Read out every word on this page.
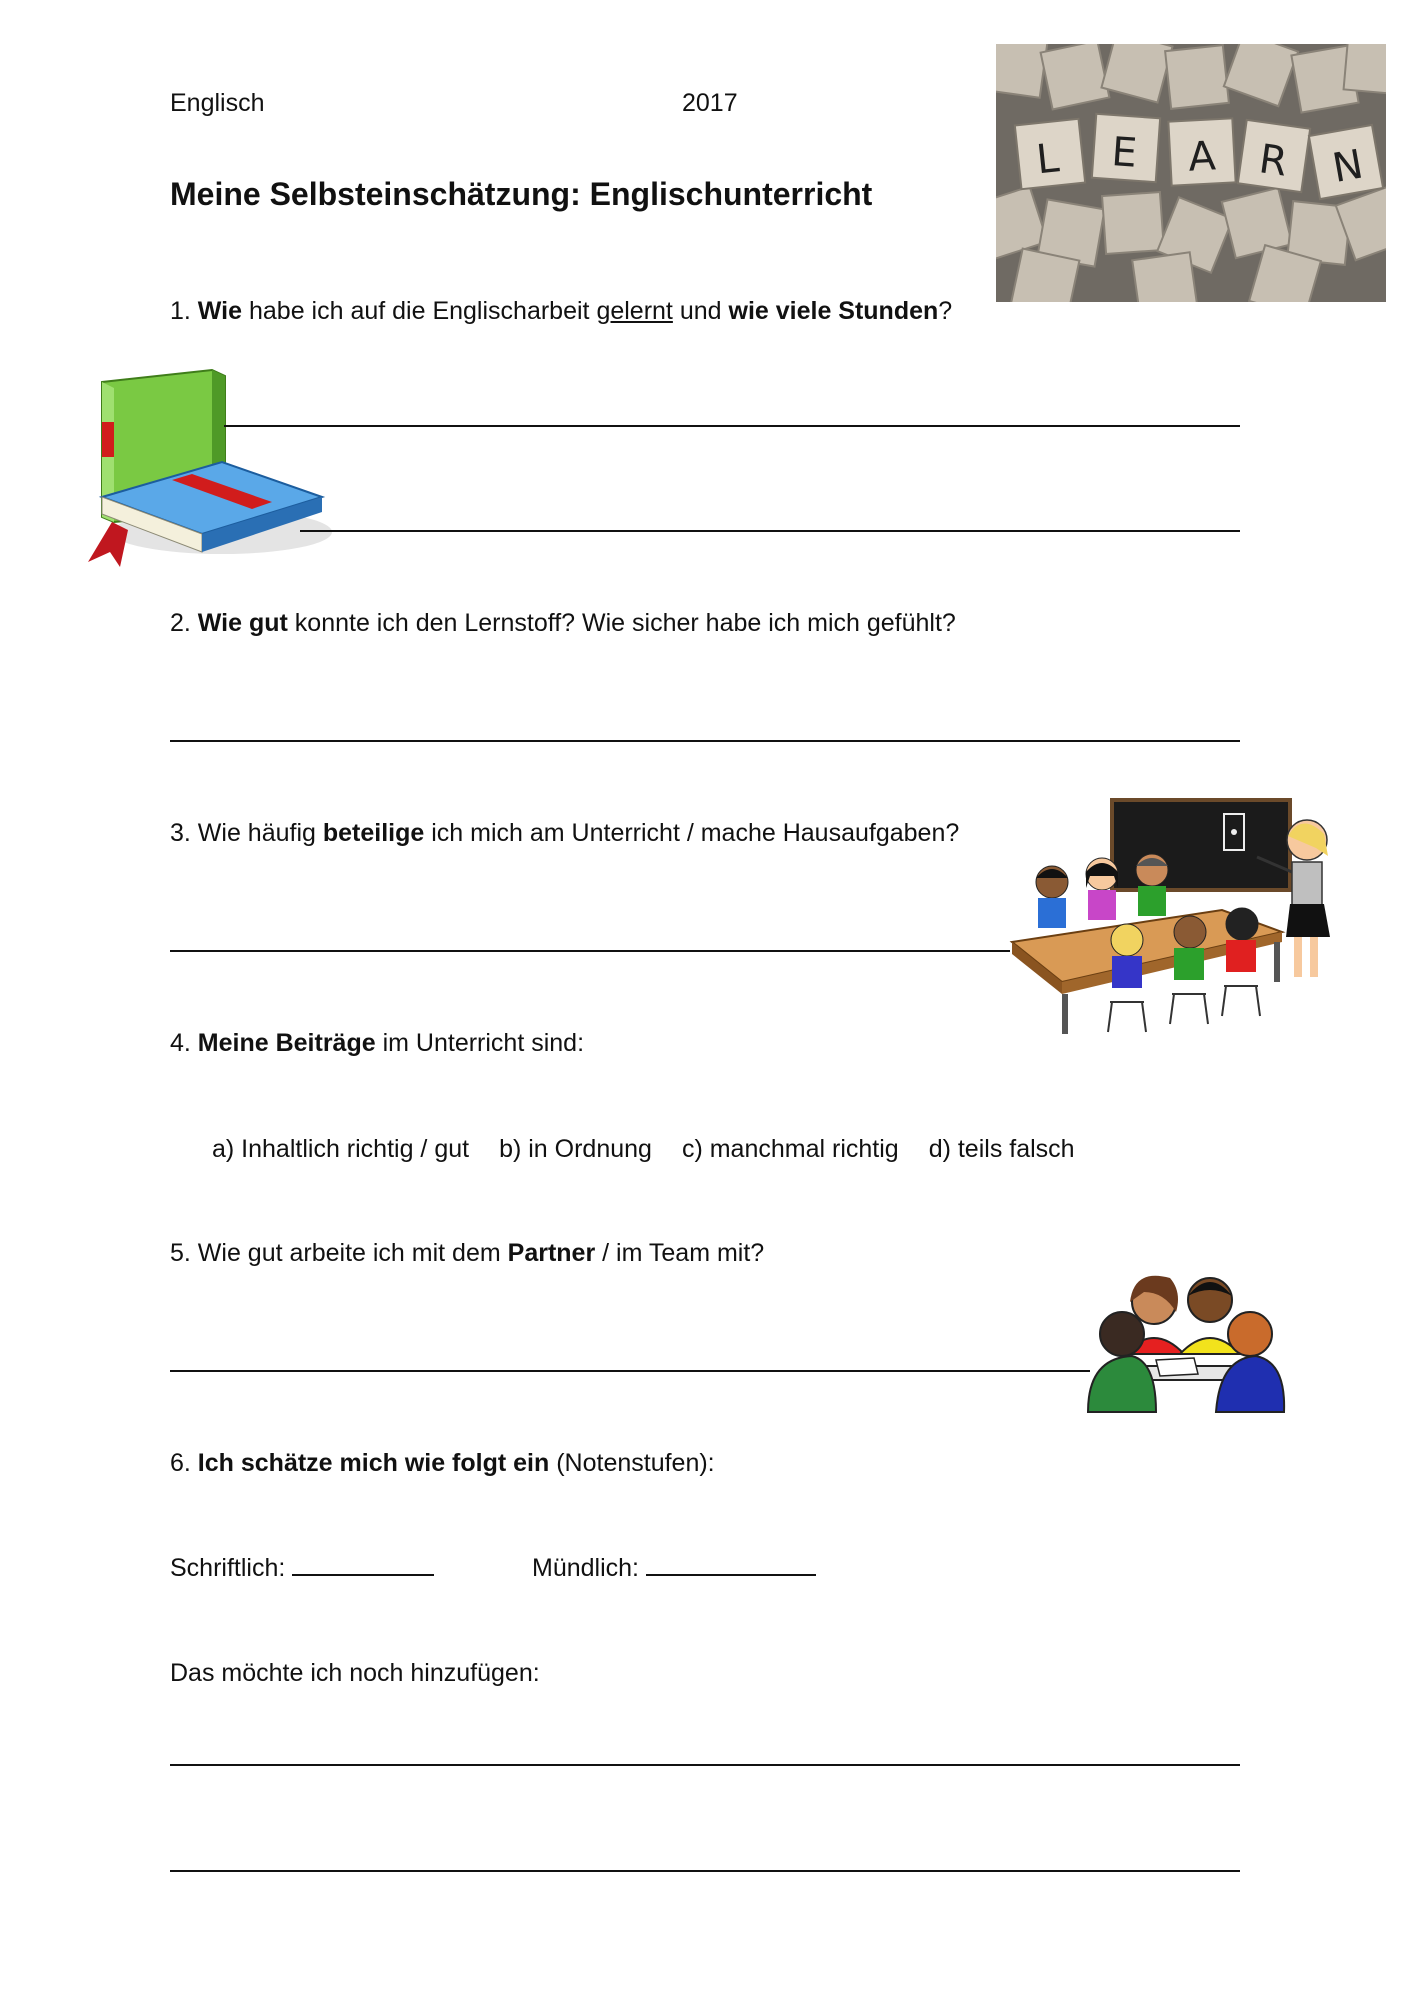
Englisch	2017
Meine Selbsteinschätzung: Englischunterricht
L E A R N
1. Wie habe ich auf die Englischarbeit gelernt und wie viele Stunden?
2. Wie gut konnte ich den Lernstoff? Wie sicher habe ich mich gefühlt?
3. Wie häufig beteilige ich mich am Unterricht / mache Hausaufgaben?
4. Meine Beiträge im Unterricht sind:
a) Inhaltlich richtig / gut b) in Ordnung c) manchmal richtig d) teils falsch
5. Wie gut arbeite ich mit dem Partner / im Team mit?
6. Ich schätze mich wie folgt ein (Notenstufen):
Schriftlich:	Mündlich:
Das möchte ich noch hinzufügen:
